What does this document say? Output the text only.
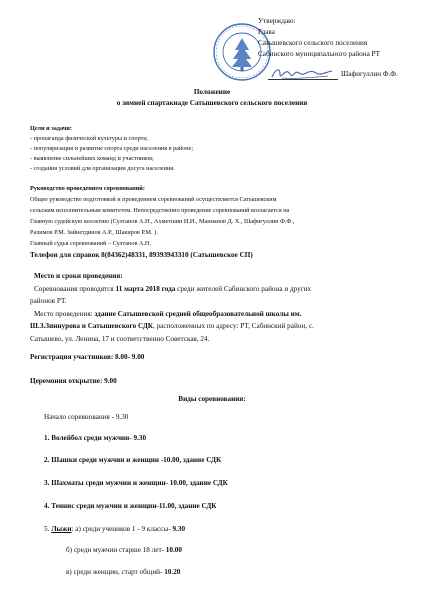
Утверждаю:
Глава
Сатышевского сельского поселения
Сабинского муниципального района РТ
Шафигуллин Ф.Ф.
Положение
о зимней спартакиаде Сатышевского сельского поселения
Цели и задачи:
- пропаганда физической культуры и спорта;
- популяризация и развитие спорта среди населения в районе;
- выявление сильнейших команд и участников;
- создания условий для организации досуга населения.
Руководство проведением соревнований:
Общее руководство подготовкой и проведением соревнований осуществляется Сатышевским
сельским исполнительным комитетом. Непосредственно проведение соревнований возлагается на
Главную судейскую коллегию (Султанов А.Н., Ахметшин И.И., Маннанов Д. Х., Шафигуллин Ф.Ф.,
Рахимов Р.М. Зайнетдинов А.Р., Шакиров Р.М. ).
Главный судья соревнований – Султанов А.Н.
Телефон для справок 8(84362)48331, 89393943310 (Сатышевское СП)
Место и сроки проведения:
Соревнования проводятся 11 марта 2018 года среди жителей Сабинского района и других
районов РТ.
Место проведения: здание Сатышевской средней общеобразовательной школы им.
Ш.З.Зиннурова и Сатышевского СДК, расположенных по адресу: РТ, Сабинский район, с.
Сатышево, ул. Ленина, 17 и соответственно Советская, 24.
Регистрация участников: 8.00- 9.00
Церемония открытие: 9.00
Виды соревнования:
Начало соревнования - 9.30
1. Волейбол среди мужчин- 9.30
2. Шашки среди мужчин и женщин -10.00, здание СДК
3. Шахматы среди мужчин и женщин- 10.00, здание СДК
4. Теннис среди мужчин и женщин-11.00, здание СДК
5. Лыжи: а) среди учеников 1 - 9 классы- 9.30
б) среди мужчин старше 18 лет- 10.00
в) среди женщин, старт общий- 10.20
